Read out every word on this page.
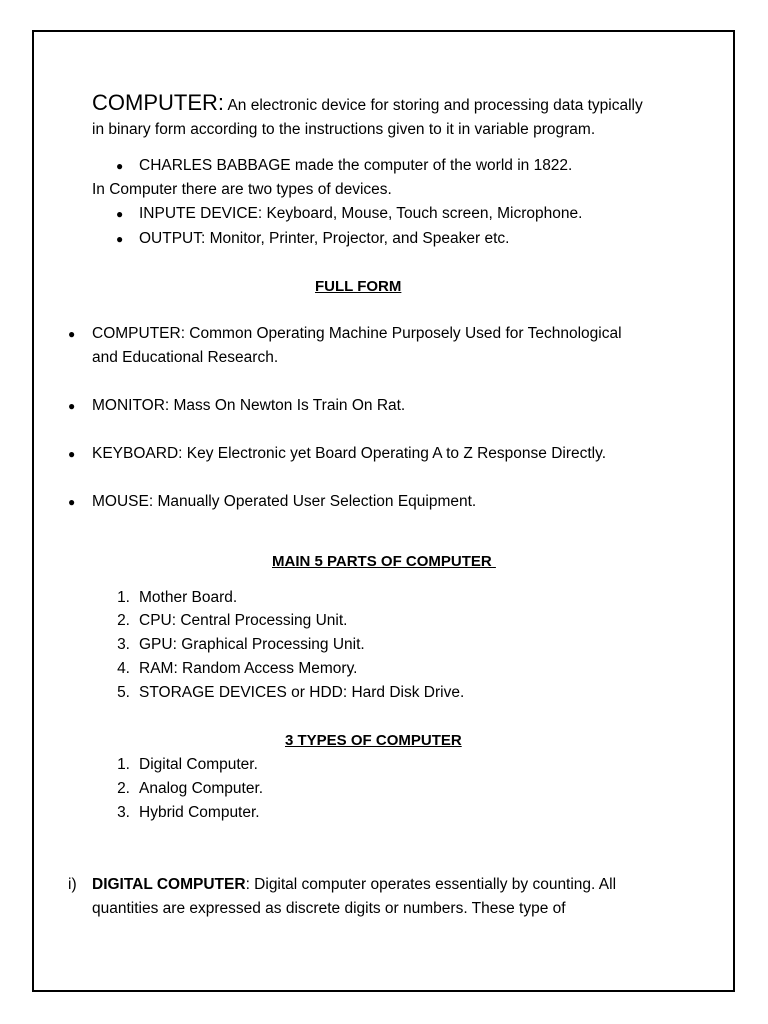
COMPUTER: An electronic device for storing and processing data typically
in binary form according to the instructions given to it in variable program.
● CHARLES BABBAGE made the computer of the world in 1822.
In Computer there are two types of devices.
● INPUTE DEVICE: Keyboard, Mouse, Touch screen, Microphone.
● OUTPUT: Monitor, Printer, Projector, and Speaker etc.
FULL FORM
● COMPUTER: Common Operating Machine Purposely Used for Technological
and Educational Research.
● MONITOR: Mass On Newton Is Train On Rat.
● KEYBOARD: Key Electronic yet Board Operating A to Z Response Directly.
● MOUSE: Manually Operated User Selection Equipment.
MAIN 5 PARTS OF COMPUTER
1. Mother Board.
2. CPU: Central Processing Unit.
3. GPU: Graphical Processing Unit.
4. RAM: Random Access Memory.
5. STORAGE DEVICES or HDD: Hard Disk Drive.
3 TYPES OF COMPUTER
1. Digital Computer.
2. Analog Computer.
3. Hybrid Computer.
i) DIGITAL COMPUTER: Digital computer operates essentially by counting. All
quantities are expressed as discrete digits or numbers. These type of
